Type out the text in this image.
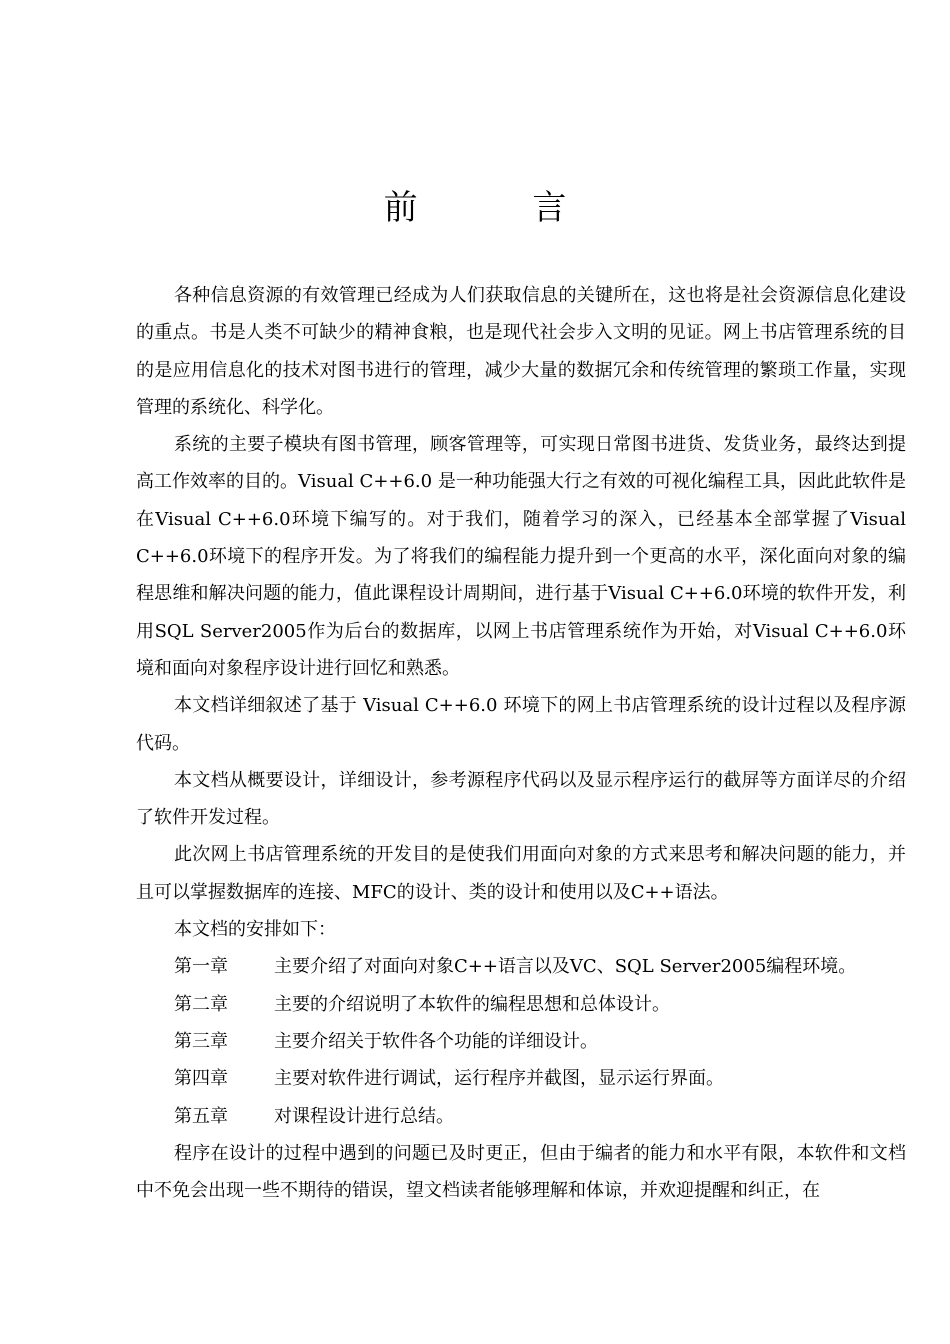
前 言

各种信息资源的有效管理已经成为人们获取信息的关键所在，这也将是社会资源信息化建设的重点。书是人类不可缺少的精神食粮，也是现代社会步入文明的见证。网上书店管理系统的目的是应用信息化的技术对图书进行的管理，减少大量的数据冗余和传统管理的繁琐工作量，实现管理的系统化、科学化。

系统的主要子模块有图书管理，顾客管理等，可实现日常图书进货、发货业务，最终达到提高工作效率的目的。Visual C++6.0 是一种功能强大行之有效的可视化编程工具，因此此软件是在Visual C++6.0环境下编写的。对于我们，随着学习的深入，已经基本全部掌握了Visual C++6.0环境下的程序开发。为了将我们的编程能力提升到一个更高的水平，深化面向对象的编程思维和解决问题的能力，值此课程设计周期间，进行基于Visual C++6.0环境的软件开发，利用SQL Server2005作为后台的数据库，以网上书店管理系统作为开始，对Visual C++6.0环境和面向对象程序设计进行回忆和熟悉。

本文档详细叙述了基于 Visual C++6.0 环境下的网上书店管理系统的设计过程以及程序源代码。

本文档从概要设计，详细设计，参考源程序代码以及显示程序运行的截屏等方面详尽的介绍了软件开发过程。

此次网上书店管理系统的开发目的是使我们用面向对象的方式来思考和解决问题的能力，并且可以掌握数据库的连接、MFC的设计、类的设计和使用以及C++语法。

本文档的安排如下：

第一章	主要介绍了对面向对象C++语言以及VC、SQL Server2005编程环境。
第二章	主要的介绍说明了本软件的编程思想和总体设计。
第三章	主要介绍关于软件各个功能的详细设计。
第四章	主要对软件进行调试，运行程序并截图，显示运行界面。
第五章	对课程设计进行总结。

程序在设计的过程中遇到的问题已及时更正，但由于编者的能力和水平有限，本软件和文档中不免会出现一些不期待的错误，望文档读者能够理解和体谅，并欢迎提醒和纠正，在
